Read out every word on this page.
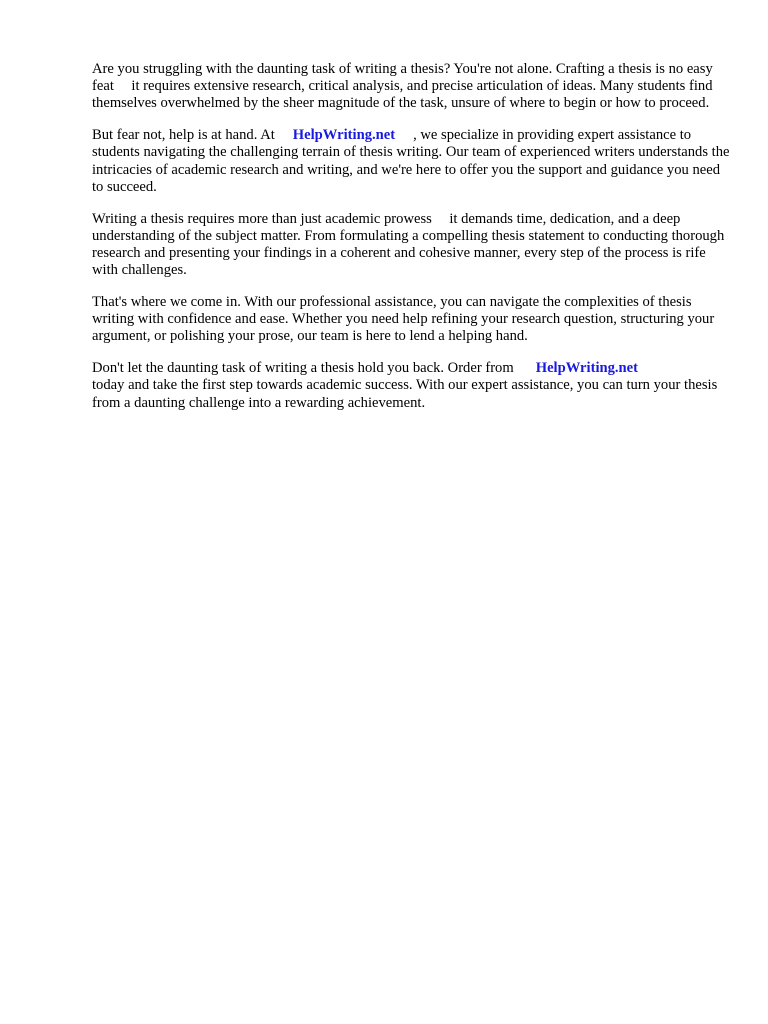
Are you struggling with the daunting task of writing a thesis? You're not alone. Crafting a thesis is no easy feat  it requires extensive research, critical analysis, and precise articulation of ideas. Many students find themselves overwhelmed by the sheer magnitude of the task, unsure of where to begin or how to proceed.

But fear not, help is at hand. At HelpWriting.net , we specialize in providing expert assistance to students navigating the challenging terrain of thesis writing. Our team of experienced writers understands the intricacies of academic research and writing, and we're here to offer you the support and guidance you need to succeed.

Writing a thesis requires more than just academic prowess  it demands time, dedication, and a deep understanding of the subject matter. From formulating a compelling thesis statement to conducting thorough research and presenting your findings in a coherent and cohesive manner, every step of the process is rife with challenges.

That's where we come in. With our professional assistance, you can navigate the complexities of thesis writing with confidence and ease. Whether you need help refining your research question, structuring your argument, or polishing your prose, our team is here to lend a helping hand.

Don't let the daunting task of writing a thesis hold you back. Order from HelpWriting.net
today and take the first step towards academic success. With our expert assistance, you can turn your thesis from a daunting challenge into a rewarding achievement.
